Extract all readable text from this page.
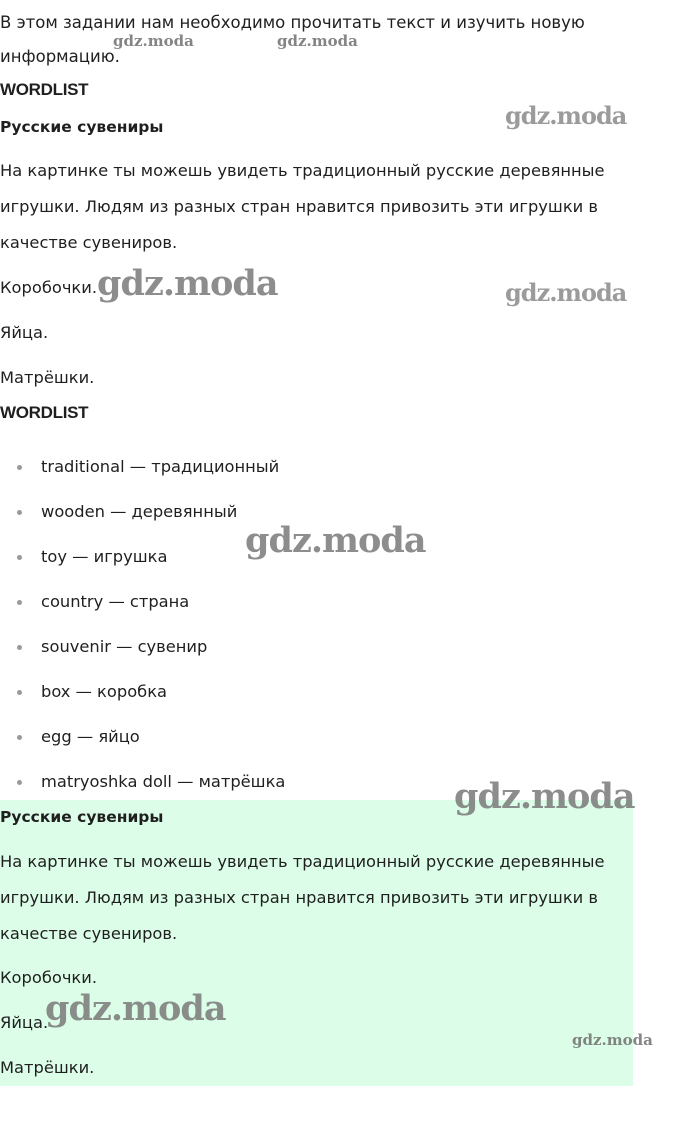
В этом задании нам необходимо прочитать текст и изучить новую информацию.
WORDLIST
Русские сувениры
На картинке ты можешь увидеть традиционный русские деревянные игрушки. Людям из разных стран нравится привозить эти игрушки в качестве сувениров.
Коробочки.
Яйца.
Матрёшки.
WORDLIST
traditional — традиционный
wooden — деревянный
toy — игрушка
country — страна
souvenir — сувенир
box — коробка
egg — яйцо
matryoshka doll — матрёшка
Русские сувениры
На картинке ты можешь увидеть традиционный русские деревянные игрушки. Людям из разных стран нравится привозить эти игрушки в качестве сувениров.
Коробочки.
Яйца.
Матрёшки.
gdz.moda	gdz.moda
gdz.moda
gdz.moda	gdz.moda
gdz.moda
gdz.moda
gdz.moda
gdz.moda
